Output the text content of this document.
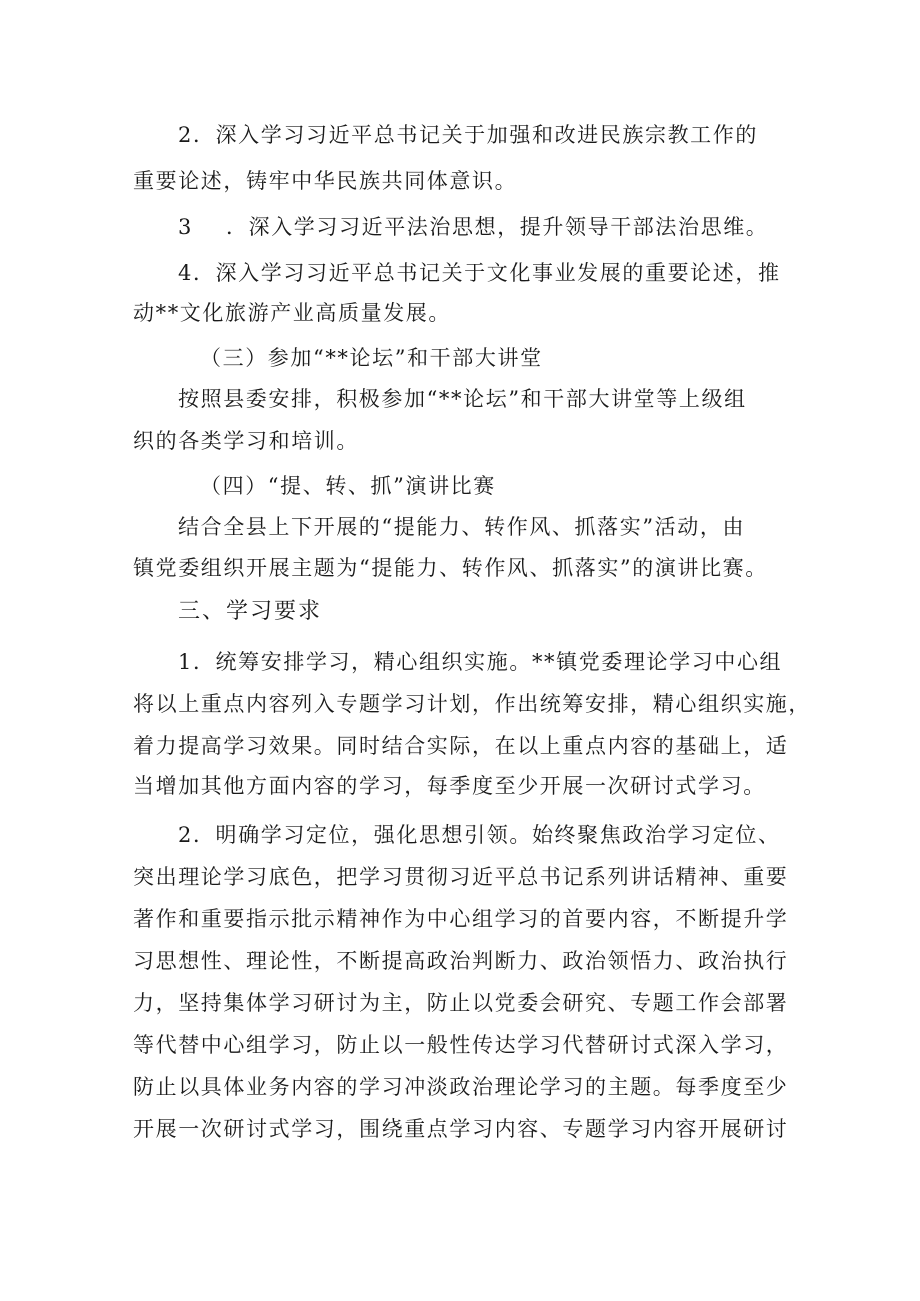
2．深入学习习近平总书记关于加强和改进民族宗教工作的
重要论述，铸牢中华民族共同体意识。
3 ．深入学习习近平法治思想，提升领导干部法治思维。
4．深入学习习近平总书记关于文化事业发展的重要论述，推
动**文化旅游产业高质量发展。
（三）参加“**论坛”和干部大讲堂
按照县委安排，积极参加“**论坛”和干部大讲堂等上级组
织的各类学习和培训。
（四）“提、转、抓”演讲比赛
结合全县上下开展的“提能力、转作风、抓落实”活动，由
镇党委组织开展主题为“提能力、转作风、抓落实”的演讲比赛。
三、学习要求
1．统筹安排学习，精心组织实施。**镇党委理论学习中心组
将以上重点内容列入专题学习计划，作出统筹安排，精心组织实施，
着力提高学习效果。同时结合实际，在以上重点内容的基础上，适
当增加其他方面内容的学习，每季度至少开展一次研讨式学习。
2．明确学习定位，强化思想引领。始终聚焦政治学习定位、
突出理论学习底色，把学习贯彻习近平总书记系列讲话精神、重要
著作和重要指示批示精神作为中心组学习的首要内容，不断提升学
习思想性、理论性，不断提高政治判断力、政治领悟力、政治执行
力，坚持集体学习研讨为主，防止以党委会研究、专题工作会部署
等代替中心组学习，防止以一般性传达学习代替研讨式深入学习，
防止以具体业务内容的学习冲淡政治理论学习的主题。每季度至少
开展一次研讨式学习，围绕重点学习内容、专题学习内容开展研讨
